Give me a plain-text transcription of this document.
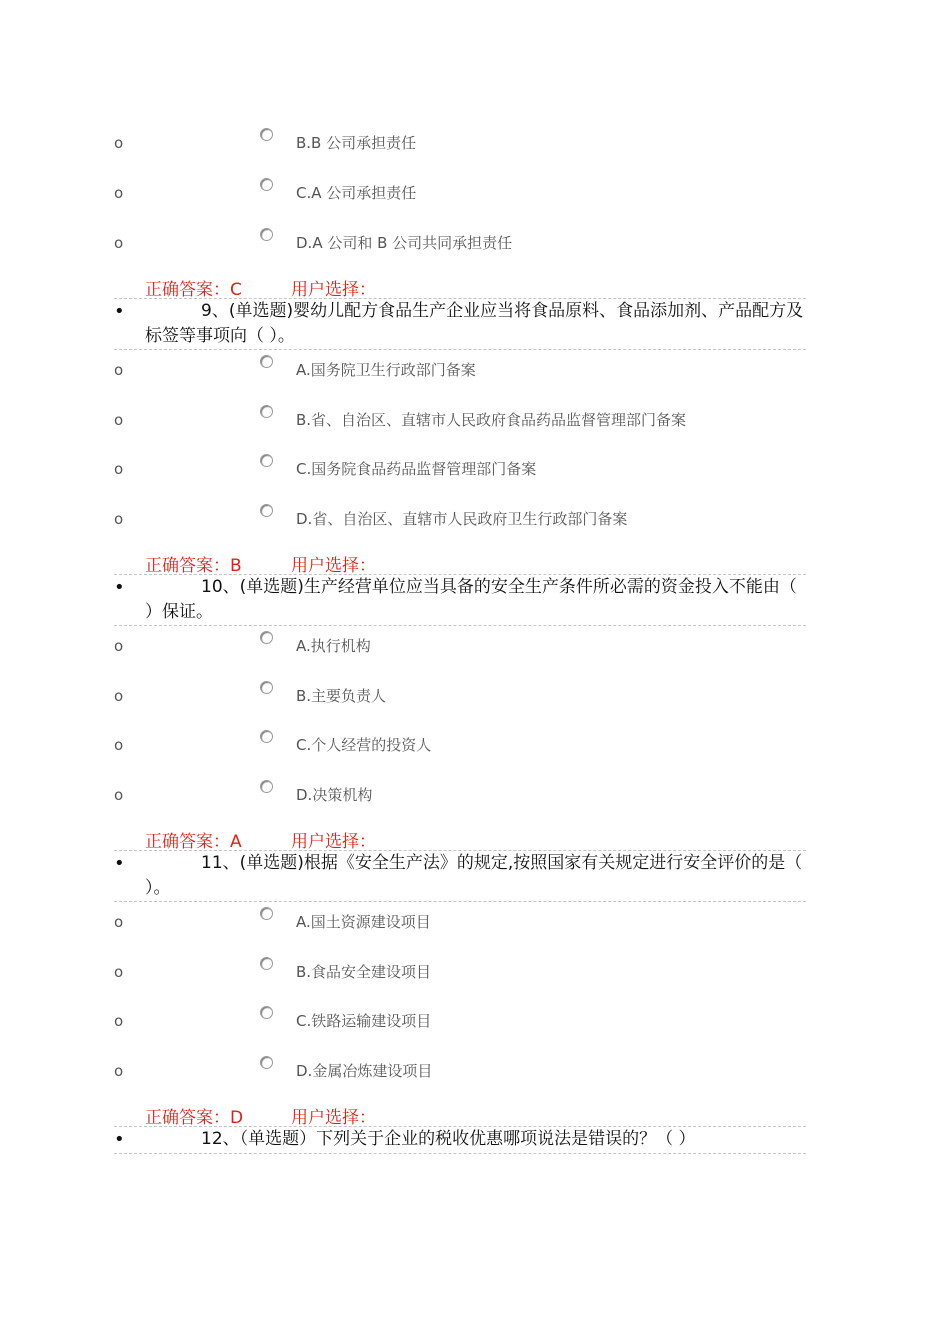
o	B.B 公司承担责任
o	C.A 公司承担责任
o	D.A 公司和 B 公司共同承担责任
正确答案：C	用户选择：
•	9、(单选题)婴幼儿配方食品生产企业应当将食品原料、食品添加剂、产品配方及标签等事项向（ ）。
o	A.国务院卫生行政部门备案
o	B.省、自治区、直辖市人民政府食品药品监督管理部门备案
o	C.国务院食品药品监督管理部门备案
o	D.省、自治区、直辖市人民政府卫生行政部门备案
正确答案：B	用户选择：
•	10、(单选题)生产经营单位应当具备的安全生产条件所必需的资金投入不能由（ ）保证。
o	A.执行机构
o	B.主要负责人
o	C.个人经营的投资人
o	D.决策机构
正确答案：A	用户选择：
•	11、(单选题)根据《安全生产法》的规定,按照国家有关规定进行安全评价的是（ ）。
o	A.国土资源建设项目
o	B.食品安全建设项目
o	C.铁路运输建设项目
o	D.金属冶炼建设项目
正确答案：D	用户选择：
•	12、（单选题）下列关于企业的税收优惠哪项说法是错误的？（ ）
